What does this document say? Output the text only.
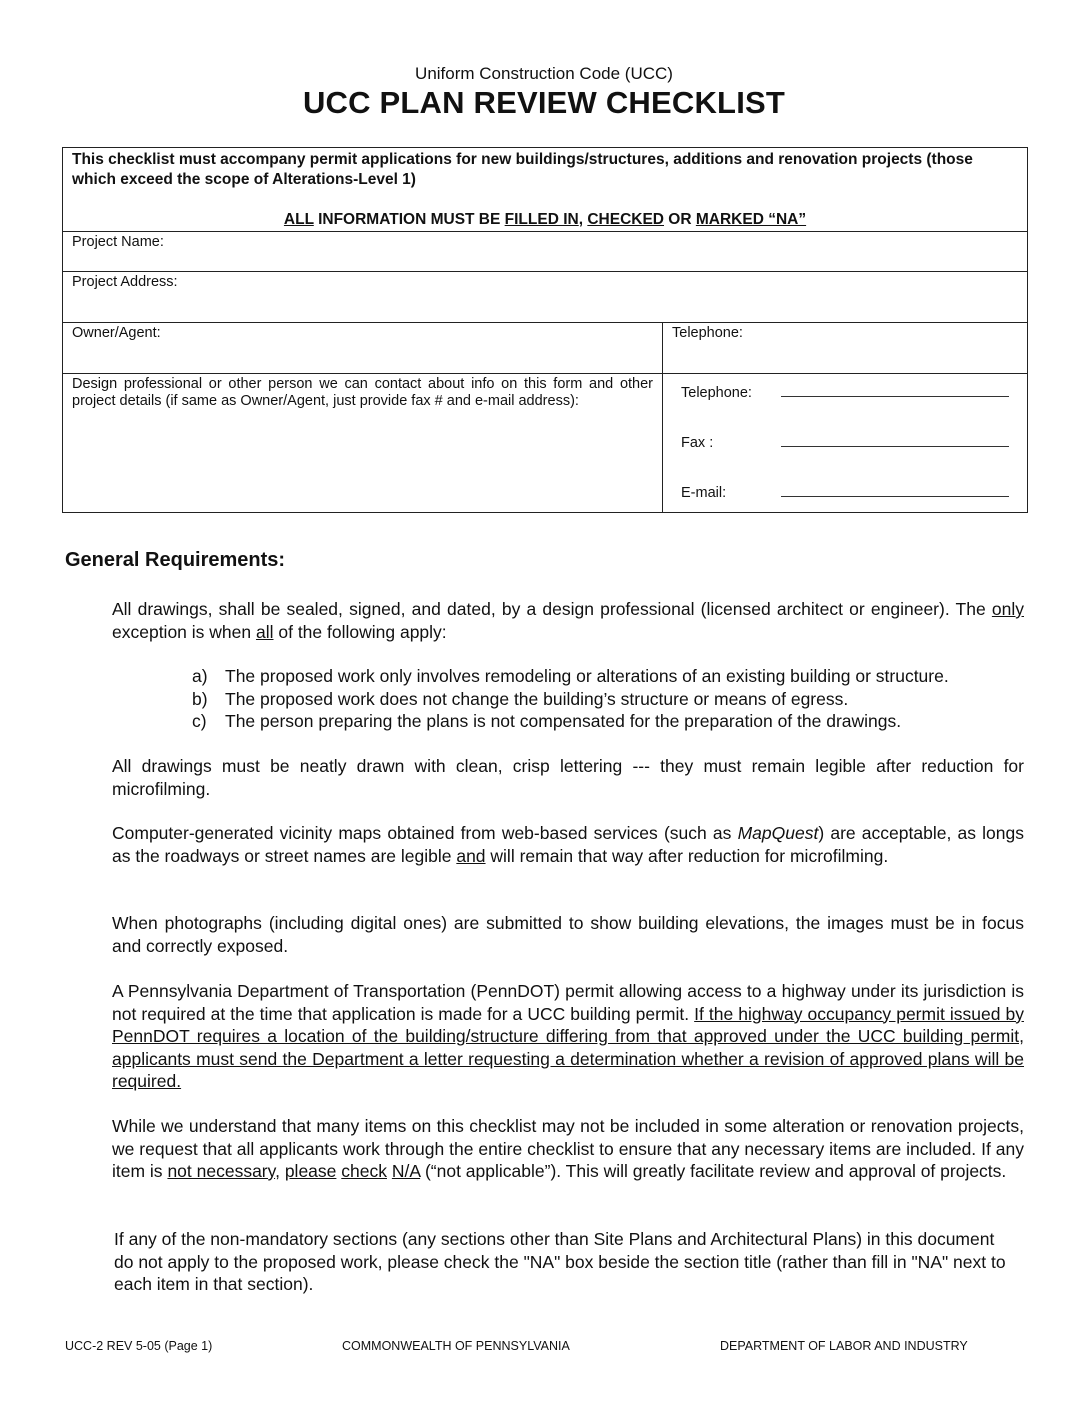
Uniform Construction Code (UCC)
UCC PLAN REVIEW CHECKLIST
This checklist must accompany permit applications for new buildings/structures, additions and renovation projects (those which exceed the scope of Alterations-Level 1)
ALL INFORMATION MUST BE FILLED IN, CHECKED OR MARKED “NA”	

Project Name:	
Project Address:	
Owner/Agent:	Telephone:
Design professional or other person we can contact about info on this form and other project details (if same as Owner/Agent, just provide fax # and e-mail address):	Telephone:
Fax :
E-mail:
General Requirements:
All drawings, shall be sealed, signed, and dated, by a design professional (licensed architect or engineer). The only exception is when all of the following apply:
a) The proposed work only involves remodeling or alterations of an existing building or structure.
b) The proposed work does not change the building’s structure or means of egress.
c)	The person preparing the plans is not compensated for the preparation of the drawings.
All drawings must be neatly drawn with clean, crisp lettering --- they must remain legible after reduction for microfilming.
Computer-generated vicinity maps obtained from web-based services (such as MapQuest) are acceptable, as longs as the roadways or street names are legible and will remain that way after reduction for microfilming.
When photographs (including digital ones) are submitted to show building elevations, the images must be in focus and correctly exposed.
A Pennsylvania Department of Transportation (PennDOT) permit allowing access to a highway under its jurisdiction is not required at the time that application is made for a UCC building permit. If the highway occupancy permit issued by PennDOT requires a location of the building/structure differing from that approved under the UCC building permit, applicants must send the Department a letter requesting a determination whether a revision of approved plans will be required.
While we understand that many items on this checklist may not be included in some alteration or renovation projects, we request that all applicants work through the entire checklist to ensure that any necessary items are included. If any item is not necessary, please check N/A (“not applicable”). This will greatly facilitate review and approval of projects.
If any of the non-mandatory sections (any sections other than Site Plans and Architectural Plans) in this document do not apply to the proposed work, please check the "NA" box beside the section title (rather than fill in "NA" next to each item in that section).
UCC-2 REV 5-05 (Page 1)	COMMONWEALTH OF PENNSYLVANIA	DEPARTMENT OF LABOR AND INDUSTRY
